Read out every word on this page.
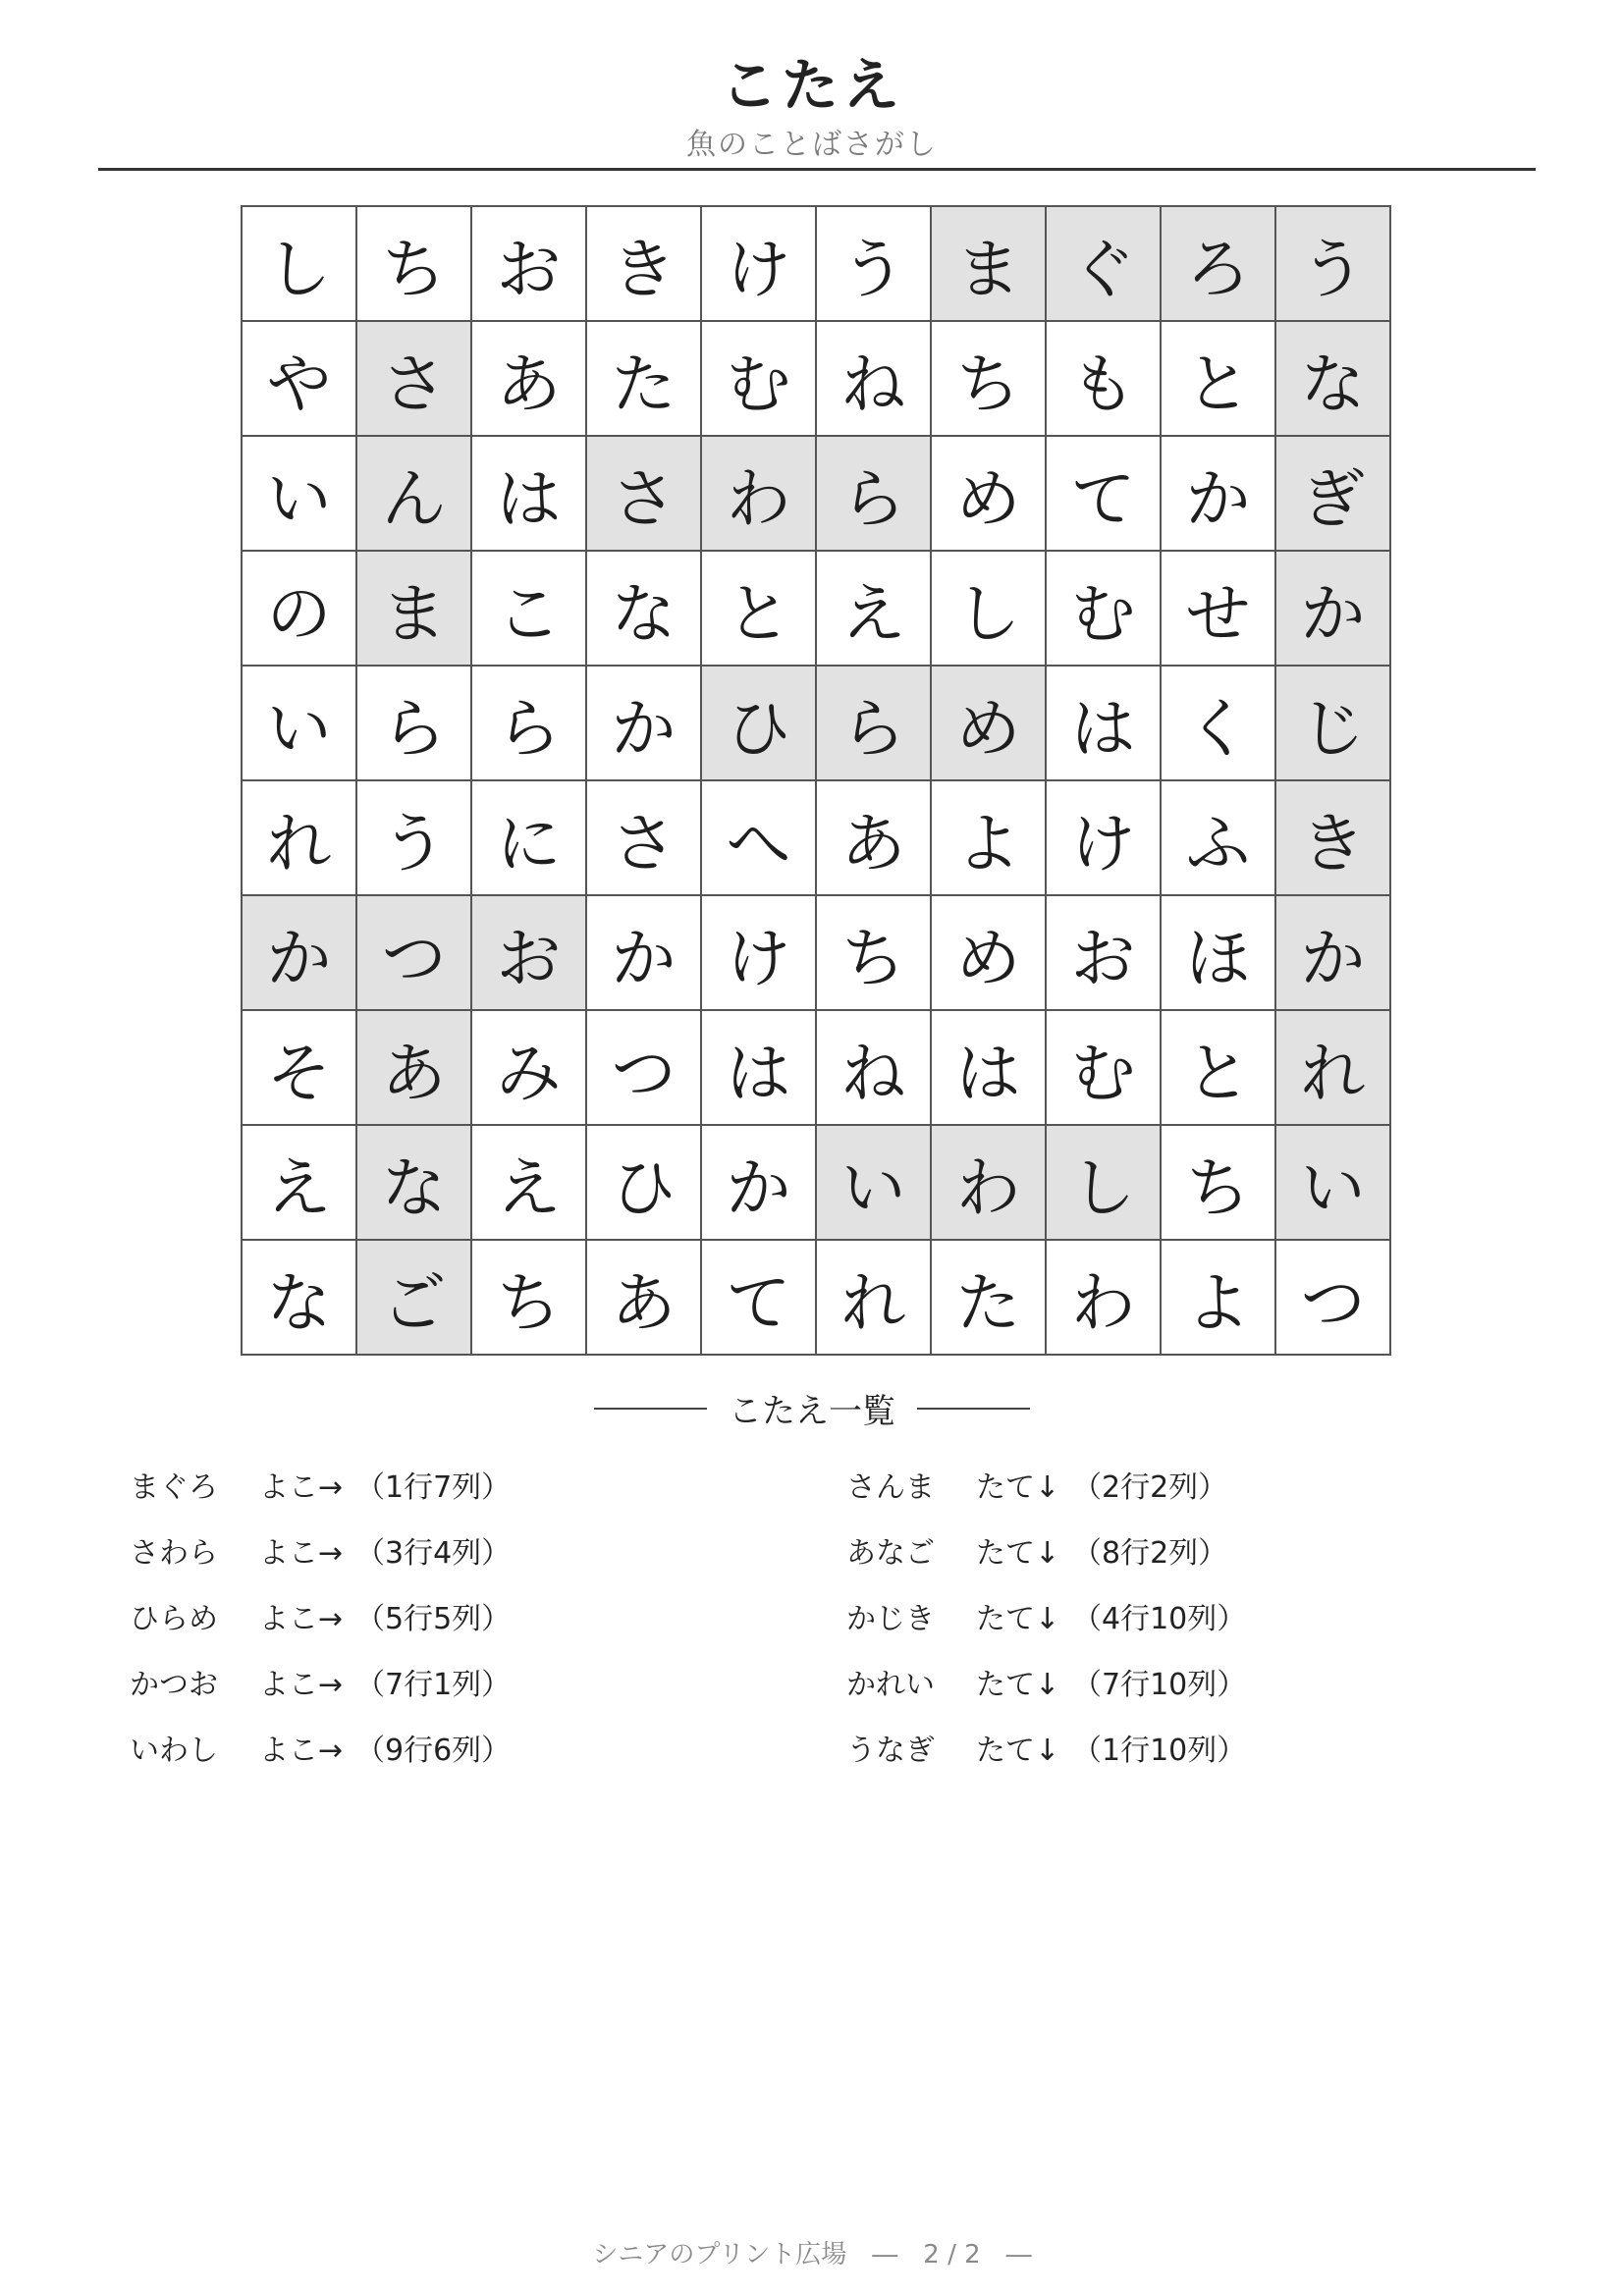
こたえ
魚のことばさがし
し ち お き け う ま ぐ ろ う
や さ あ た む ね ち も と な
い ん は さ わ ら め て か ぎ
の ま こ な と え し む せ か
い ら ら か ひ ら め は く じ
れ う に さ へ あ よ け ふ き
か つ お か け ち め お ほ か
そ あ み つ は ね は む と れ
え な え ひ か い わ し ち い
な ご ち あ て れ た わ よ つ
こたえ一覧
まぐろ	よこ→ （1行7列）
さわら	よこ→ （3行4列）
ひらめ	よこ→ （5行5列）
かつお	よこ→ （7行1列）
いわし	よこ→ （9行6列）
さんま	たて↓ （2行2列）
あなご	たて↓ （8行2列）
かじき	たて↓ （4行10列）
かれい	たて↓ （7行10列）
うなぎ	たて↓ （1行10列）
シニアのプリント広場　―　2 / 2　―
